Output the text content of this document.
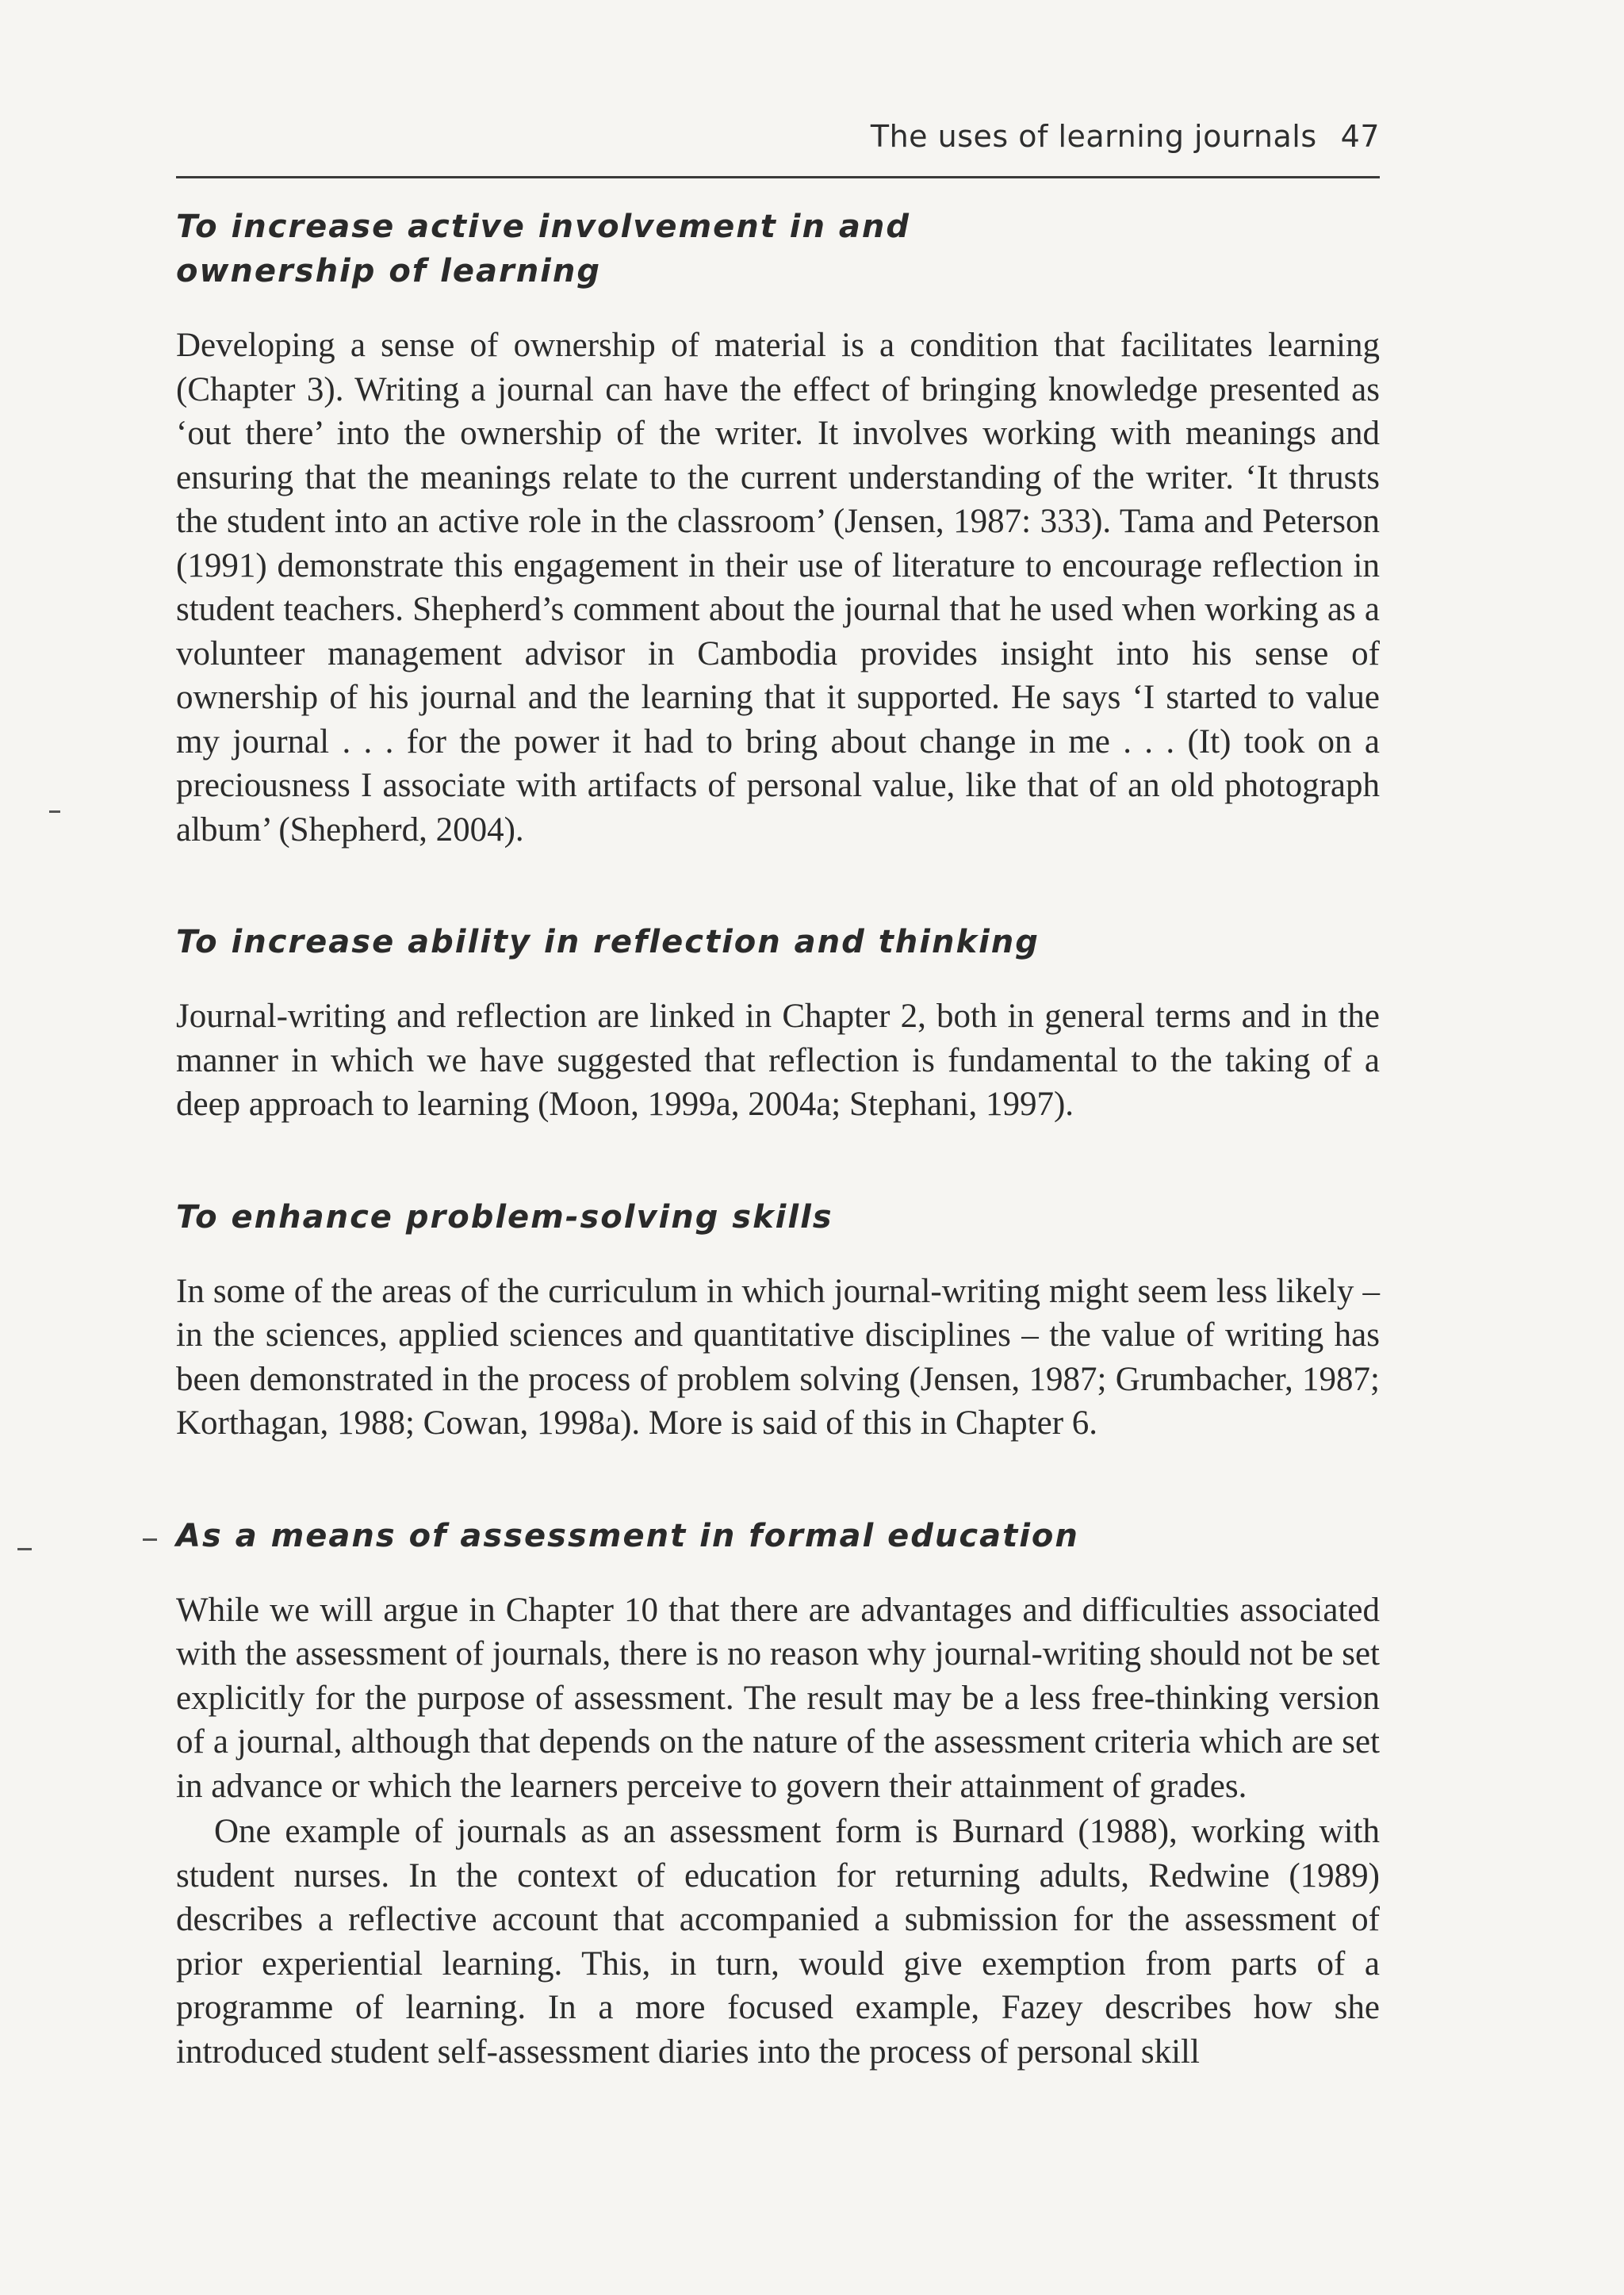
The uses of learning journals 47
To increase active involvement in and ownership of learning

Developing a sense of ownership of material is a condition that facilitates learning (Chapter 3). Writing a journal can have the effect of bringing knowledge presented as ‘out there’ into the ownership of the writer. It involves working with meanings and ensuring that the meanings relate to the current understanding of the writer. ‘It thrusts the student into an active role in the classroom’ (Jensen, 1987: 333). Tama and Peterson (1991) demonstrate this engagement in their use of literature to encourage reflection in student teachers. Shepherd’s comment about the journal that he used when working as a volunteer management advisor in Cambodia provides insight into his sense of ownership of his journal and the learning that it supported. He says ‘I started to value my journal . . . for the power it had to bring about change in me . . . (It) took on a preciousness I associate with artifacts of personal value, like that of an old photograph album’ (Shepherd, 2004).

To increase ability in reflection and thinking

Journal-writing and reflection are linked in Chapter 2, both in general terms and in the manner in which we have suggested that reflection is fundamental to the taking of a deep approach to learning (Moon, 1999a, 2004a; Stephani, 1997).

To enhance problem-solving skills

In some of the areas of the curriculum in which journal-writing might seem less likely – in the sciences, applied sciences and quantitative disciplines – the value of writing has been demonstrated in the process of problem solving (Jensen, 1987; Grumbacher, 1987; Korthagan, 1988; Cowan, 1998a). More is said of this in Chapter 6.

As a means of assessment in formal education

While we will argue in Chapter 10 that there are advantages and difficulties associated with the assessment of journals, there is no reason why journal-writing should not be set explicitly for the purpose of assessment. The result may be a less free-thinking version of a journal, although that depends on the nature of the assessment criteria which are set in advance or which the learners perceive to govern their attainment of grades.

One example of journals as an assessment form is Burnard (1988), working with student nurses. In the context of education for returning adults, Redwine (1989) describes a reflective account that accompanied a submission for the assessment of prior experiential learning. This, in turn, would give exemption from parts of a programme of learning. In a more focused example, Fazey describes how she introduced student self-assessment diaries into the process of personal skill
